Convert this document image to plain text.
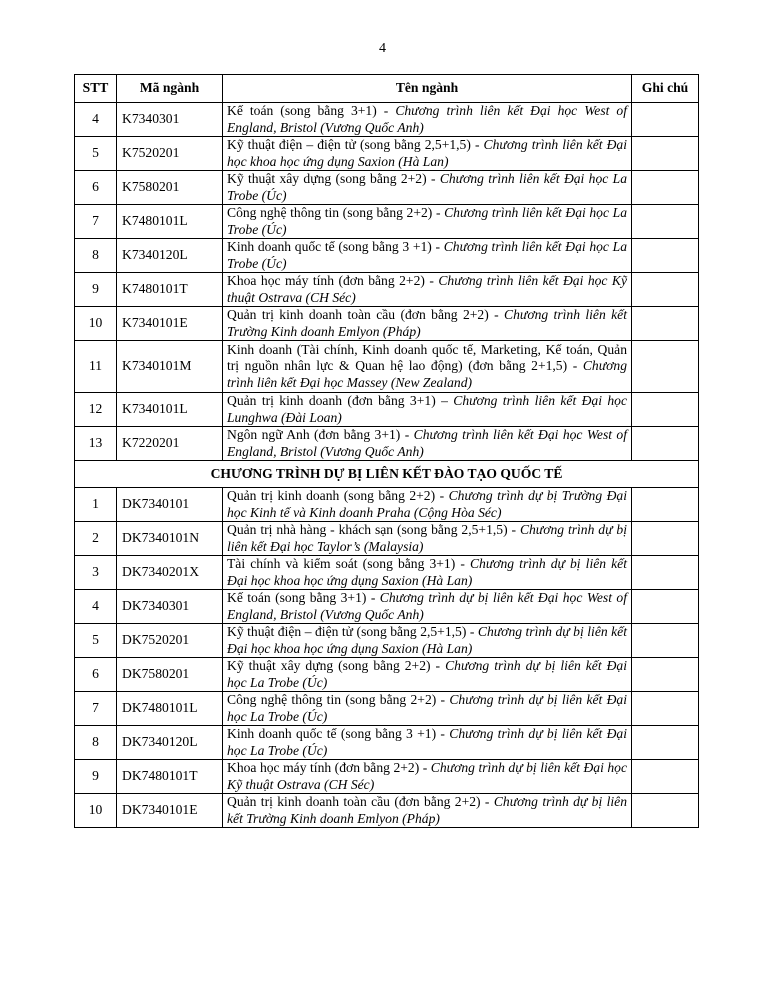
4
STT	Mã ngành	Tên ngành	Ghi chú
4	K7340301	Kế toán (song bằng 3+1) - Chương trình liên kết Đại học West of England, Bristol (Vương Quốc Anh)	
5	K7520201	Kỹ thuật điện – điện tử (song bằng 2,5+1,5) - Chương trình liên kết Đại học khoa học ứng dụng Saxion (Hà Lan)	
6	K7580201	Kỹ thuật xây dựng (song bằng 2+2) - Chương trình liên kết Đại học La Trobe (Úc)	
7	K7480101L	Công nghệ thông tin (song bằng 2+2) - Chương trình liên kết Đại học La Trobe (Úc)	
8	K7340120L	Kinh doanh quốc tế (song bằng 3 +1) - Chương trình liên kết Đại học La Trobe (Úc)	
9	K7480101T	Khoa học máy tính (đơn bằng 2+2) - Chương trình liên kết Đại học Kỹ thuật Ostrava (CH Séc)	
10	K7340101E	Quản trị kinh doanh toàn cầu (đơn bằng 2+2) - Chương trình liên kết Trường Kinh doanh Emlyon (Pháp)	
11	K7340101M	Kinh doanh (Tài chính, Kinh doanh quốc tế, Marketing, Kế toán, Quản trị nguồn nhân lực & Quan hệ lao động) (đơn bằng 2+1,5) - Chương trình liên kết Đại học Massey (New Zealand)	
12	K7340101L	Quản trị kinh doanh (đơn bằng 3+1) – Chương trình liên kết Đại học Lunghwa (Đài Loan)	
13	K7220201	Ngôn ngữ Anh (đơn bằng 3+1) - Chương trình liên kết Đại học West of England, Bristol (Vương Quốc Anh)	
CHƯƠNG TRÌNH DỰ BỊ LIÊN KẾT ĐÀO TẠO QUỐC TẾ			
1	DK7340101	Quản trị kinh doanh (song bằng 2+2) - Chương trình dự bị Trường Đại học Kinh tế và Kinh doanh Praha (Cộng Hòa Séc)	
2	DK7340101N	Quản trị nhà hàng - khách sạn (song bằng 2,5+1,5) - Chương trình dự bị liên kết Đại học Taylor’s (Malaysia)	
3	DK7340201X	Tài chính và kiểm soát (song bằng 3+1) - Chương trình dự bị liên kết Đại học khoa học ứng dụng Saxion (Hà Lan)	
4	DK7340301	Kế toán (song bằng 3+1) - Chương trình dự bị liên kết Đại học West of England, Bristol (Vương Quốc Anh)	
5	DK7520201	Kỹ thuật điện – điện tử (song bằng 2,5+1,5) - Chương trình dự bị liên kết Đại học khoa học ứng dụng Saxion (Hà Lan)	
6	DK7580201	Kỹ thuật xây dựng (song bằng 2+2) - Chương trình dự bị liên kết Đại học La Trobe (Úc)	
7	DK7480101L	Công nghệ thông tin (song bằng 2+2) - Chương trình dự bị liên kết Đại học La Trobe (Úc)	
8	DK7340120L	Kinh doanh quốc tế (song bằng 3 +1) - Chương trình dự bị liên kết Đại học La Trobe (Úc)	
9	DK7480101T	Khoa học máy tính (đơn bằng 2+2) - Chương trình dự bị liên kết Đại học Kỹ thuật Ostrava (CH Séc)	
10	DK7340101E	Quản trị kinh doanh toàn cầu (đơn bằng 2+2) - Chương trình dự bị liên kết Trường Kinh doanh Emlyon (Pháp)	
